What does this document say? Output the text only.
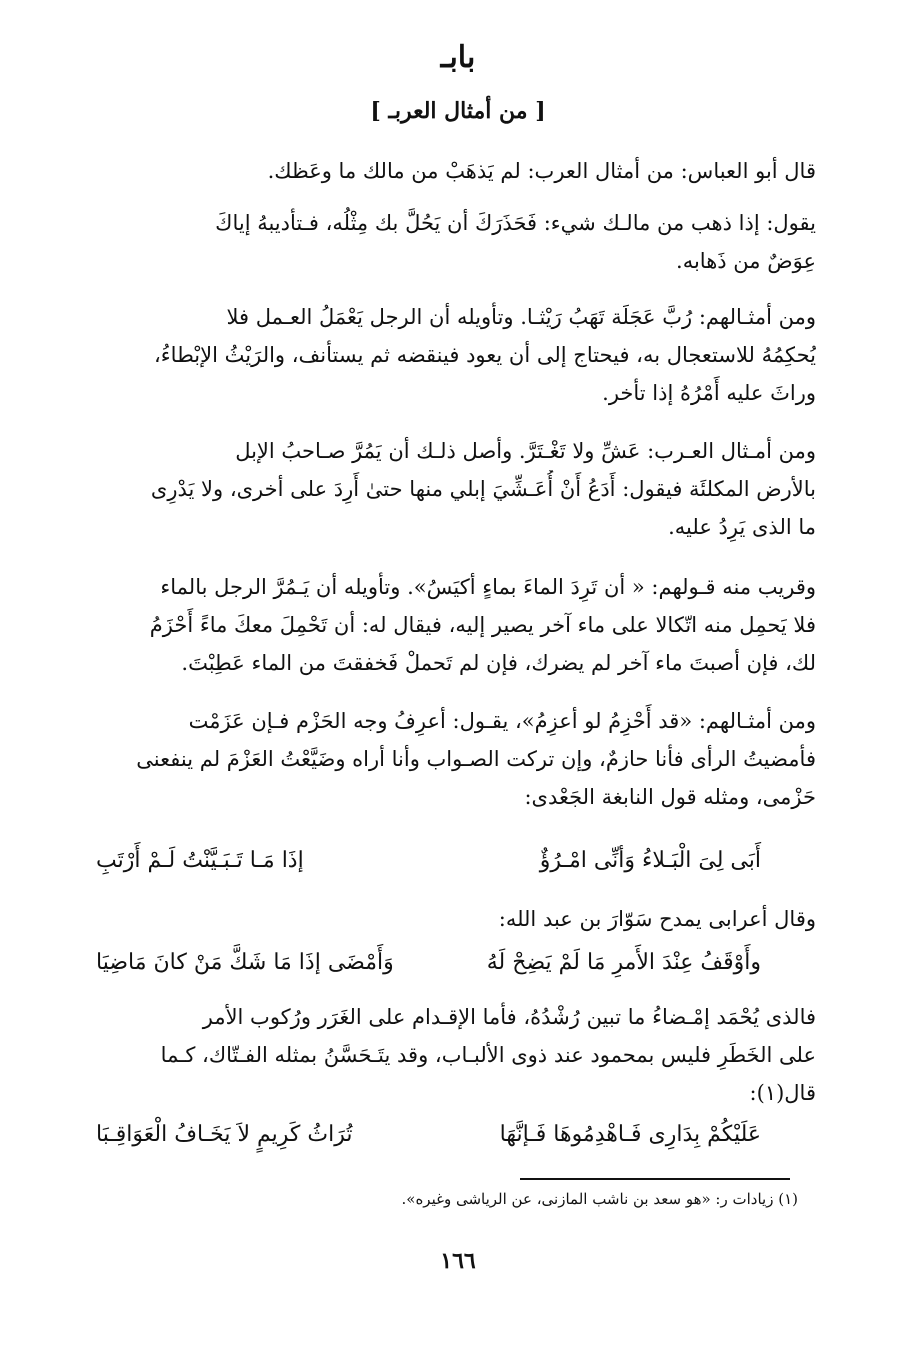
بابـ
[ من أمثال العربـ ]
قال أبو العباس: من أمثال العرب: لم يَذهَبْ من مالك ما وعَظك.
يقول: إذا ذهب من مالـك شيء: فَحَذَرَكَ أن يَحُلَّ بك مِثْلُه، فـتأديبهُ إياكَ
عِوَضٌ من ذَهابه.
ومن أمثـالهم: رُبَّ عَجَلَة تَهَبُ رَيْثـا. وتأويله أن الرجل يَعْمَلُ العـمل فلا
يُحكِمُهُ للاستعجال به، فيحتاج إلى أن يعود فينقضه ثم يستأنف، والرَيْثُ الإبْطاءُ،
وراثَ عليه أَمْرُهُ إذا تأخر.
ومن أمـثال العـرب: عَشِّ ولا تَغْـتَرَّ. وأصل ذلـك أن يَمُرَّ صـاحبُ الإبل
بالأرض المكلئَة فيقول: أَدَعُ أَنْ أُعَـشِّيَ إبلي منها حتىٰ أَرِدَ على أخرى، ولا يَدْرِى
ما الذى يَرِدُ عليه.
وقريب منه قـولهم: « أن تَرِدَ الماءَ بماءٍ أكيَسُ». وتأويله أن يَـمُرَّ الرجل بالماء
فلا يَحمِل منه اتّكالا على ماء آخر يصير إليه، فيقال له: أن تَحْمِلَ معكَ ماءً أَحْزَمُ
لك، فإن أصبتَ ماء آخر لم يضرك، فإن لم تَحملْ فَخفقتَ من الماء عَطِبْتَ.
ومن أمثـالهم: «قد أَحْزِمُ لو أعزِمُ»، يقـول: أعرِفُ وجه الحَزْم فـإن عَزَمْت
فأمضيتُ الرأى فأنا حازمٌ، وإن تركت الصـواب وأنا أراه وضَيَّعْتُ العَزْمَ لم ينفعنى
حَزْمى، ومثله قول النابغة الجَعْدى:
أَبَى لِىَ الْبَـلاءُ وَأنِّى امْـرُؤٌ
إذَا مَـا تَـبَـيَّنْتُ لَـمْ أَرْتَبِ
وقال أعرابى يمدح سَوّارَ بن عبد الله:
وأَوْقَفُ عِنْدَ الأَمرِ مَا لَمْ يَضِحْ لَهُ
وَأَمْضَى إذَا مَا شَكَّ مَنْ كانَ مَاضِيَا
فالذى يُحْمَد إمْـضاءُ ما تبين رُشْدُهُ، فأما الإقـدام على الغَرَر ورُكوب الأمر
على الخَطَرِ فليس بمحمود عند ذوى الألبـاب، وقد يتَـحَسَّنُ بمثله الفـتّاك، كـما
قال(١):
عَلَيْكُمْ بِدَارِى فَـاهْدِمُوهَا فَـإنَّهَا
تُرَاثُ كَرِيمٍ لاَ يَخَـافُ الْعَوَاقِـبَا
(١) زيادات ر: «هو سعد بن ناشب المازنى، عن الرياشى وغيره».
١٦٦
